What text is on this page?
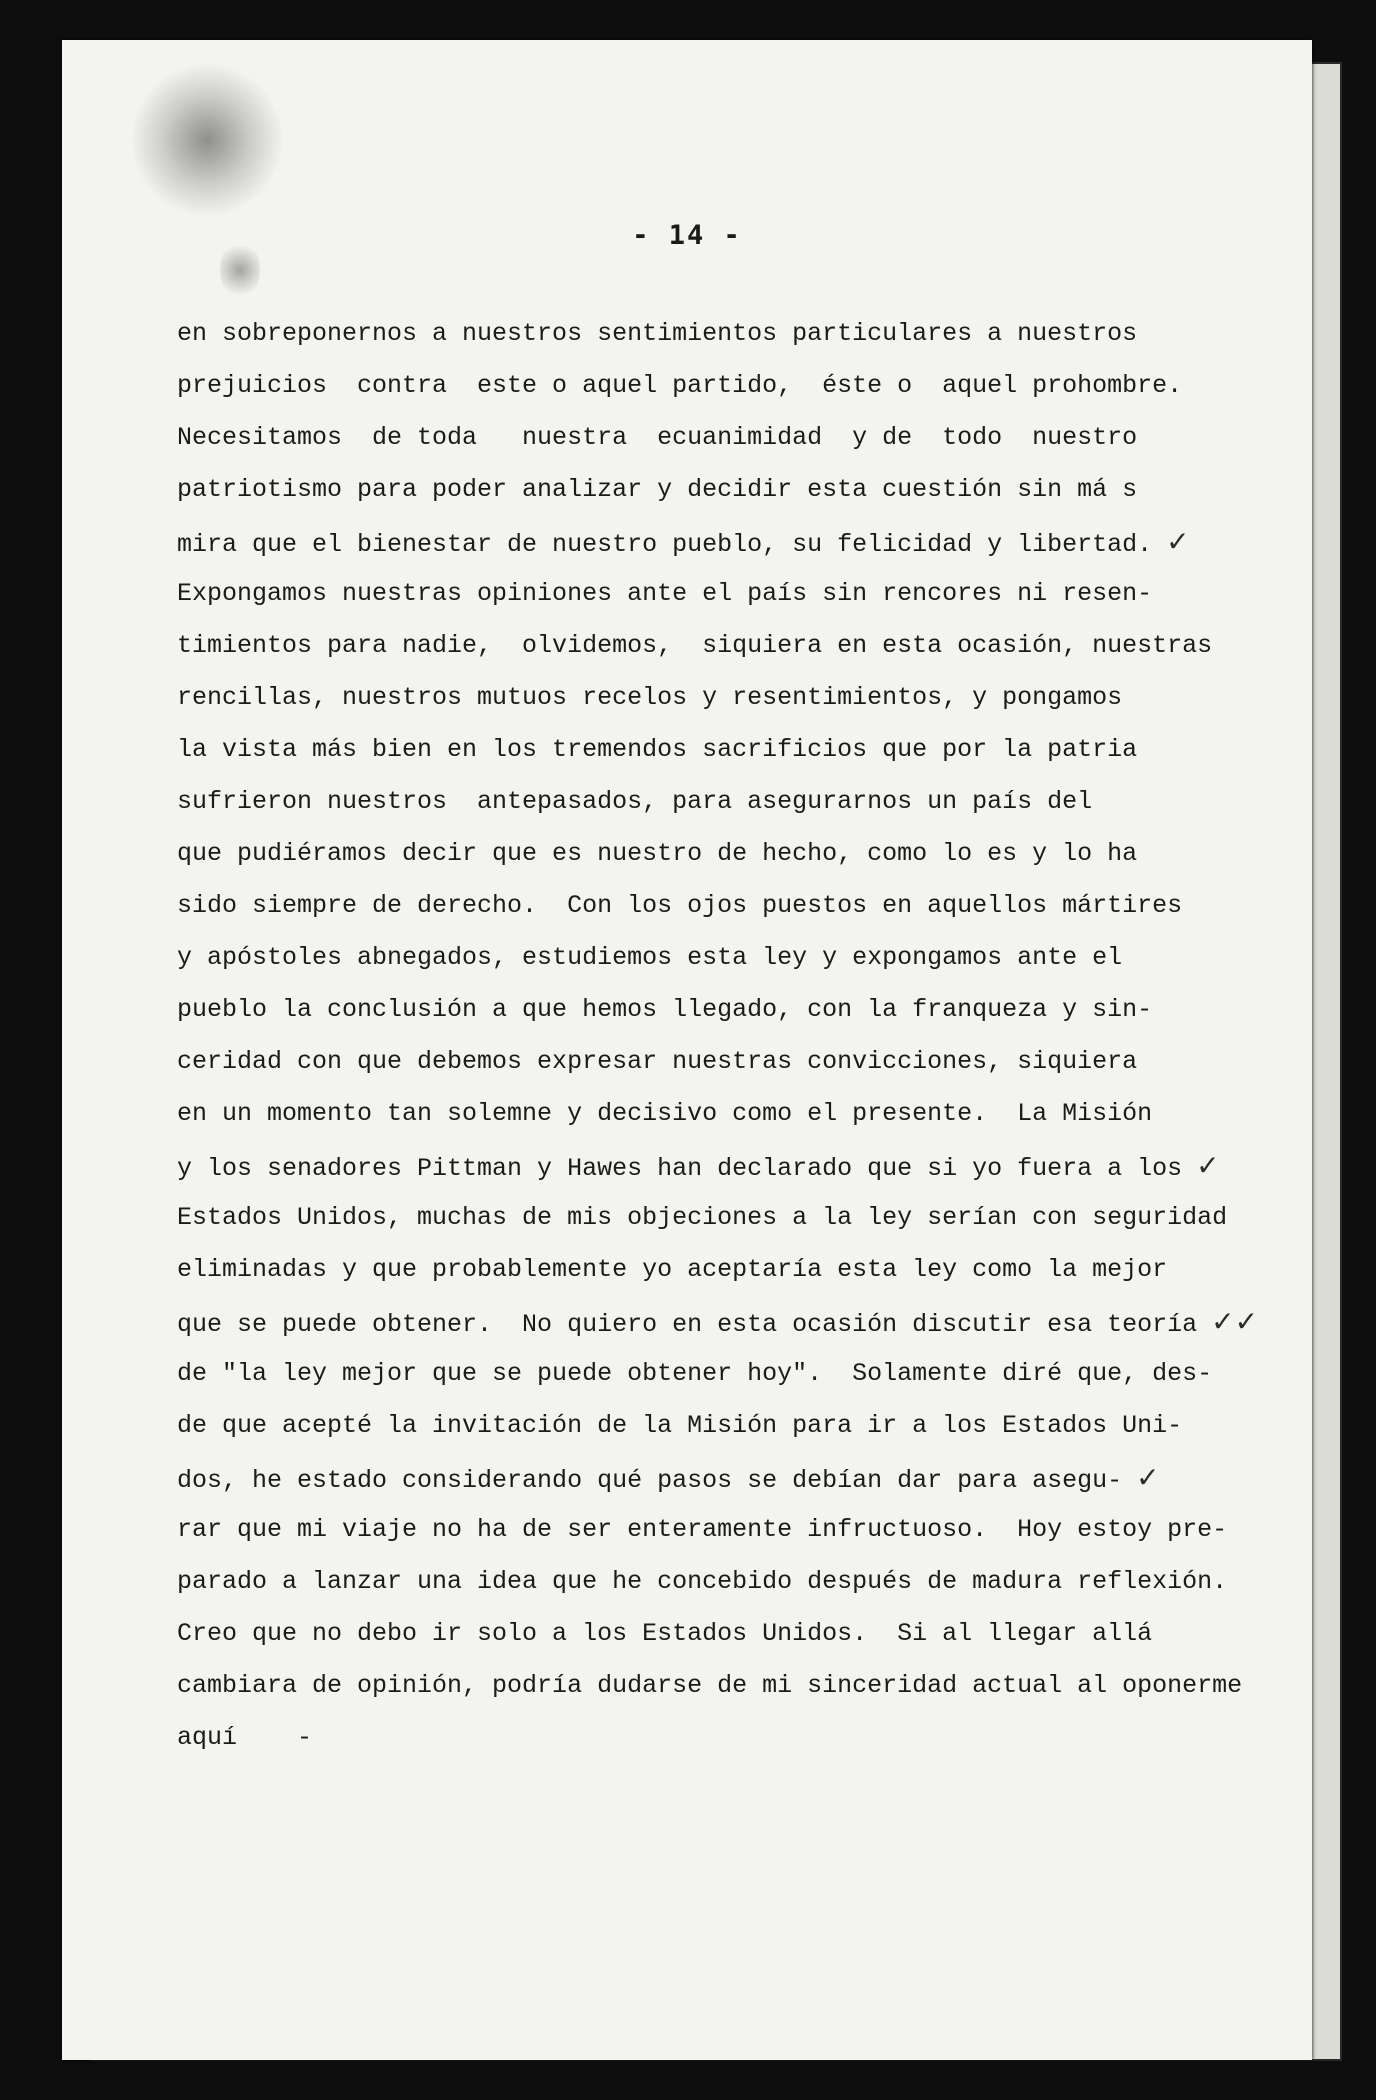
- 14 -
en sobreponernos a nuestros sentimientos particulares a nuestros
prejuicios  contra  este o aquel partido,  éste o  aquel prohombre.
Necesitamos  de toda   nuestra  ecuanimidad  y de  todo  nuestro
patriotismo para poder analizar y decidir esta cuestión sin má s
mira que el bienestar de nuestro pueblo, su felicidad y libertad. ✓
Expongamos nuestras opiniones ante el país sin rencores ni resen-
timientos para nadie,  olvidemos,  siquiera en esta ocasión, nuestras
rencillas, nuestros mutuos recelos y resentimientos, y pongamos
la vista más bien en los tremendos sacrificios que por la patria
sufrieron nuestros  antepasados, para asegurarnos un país del
que pudiéramos decir que es nuestro de hecho, como lo es y lo ha
sido siempre de derecho.  Con los ojos puestos en aquellos mártires
y apóstoles abnegados, estudiemos esta ley y expongamos ante el
pueblo la conclusión a que hemos llegado, con la franqueza y sin-
ceridad con que debemos expresar nuestras convicciones, siquiera
en un momento tan solemne y decisivo como el presente.  La Misión
y los senadores Pittman y Hawes han declarado que si yo fuera a los ✓
Estados Unidos, muchas de mis objeciones a la ley serían con seguridad
eliminadas y que probablemente yo aceptaría esta ley como la mejor
que se puede obtener.  No quiero en esta ocasión discutir esa teoría ✓✓
de "la ley mejor que se puede obtener hoy".  Solamente diré que, des-
de que acepté la invitación de la Misión para ir a los Estados Uni-
dos, he estado considerando qué pasos se debían dar para asegu- ✓
rar que mi viaje no ha de ser enteramente infructuoso.  Hoy estoy pre-
parado a lanzar una idea que he concebido después de madura reflexión.
Creo que no debo ir solo a los Estados Unidos.  Si al llegar allá
cambiara de opinión, podría dudarse de mi sinceridad actual al oponerme
aquí    -
